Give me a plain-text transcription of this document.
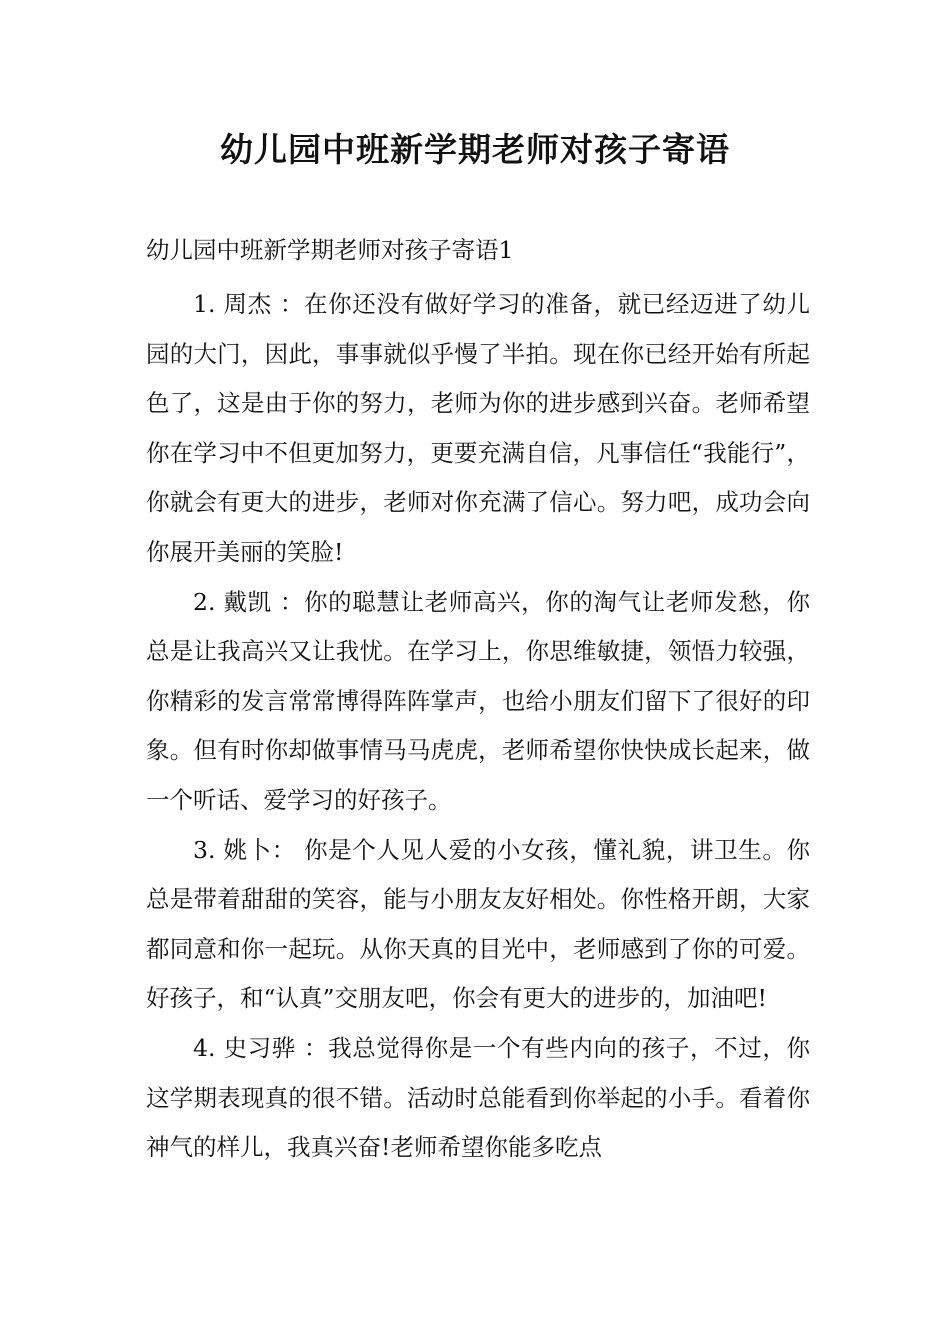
幼儿园中班新学期老师对孩子寄语

幼儿园中班新学期老师对孩子寄语1

1. 周杰 ：在你还没有做好学习的准备，就已经迈进了幼儿园的大门，因此，事事就似乎慢了半拍。现在你已经开始有所起色了，这是由于你的努力，老师为你的进步感到兴奋。老师希望你在学习中不但更加努力，更要充满自信，凡事信任“我能行”，你就会有更大的进步，老师对你充满了信心。努力吧，成功会向你展开美丽的笑脸!

2. 戴凯 ：你的聪慧让老师高兴，你的淘气让老师发愁，你总是让我高兴又让我忧。在学习上，你思维敏捷，领悟力较强，你精彩的发言常常博得阵阵掌声，也给小朋友们留下了很好的印象。但有时你却做事情马马虎虎，老师希望你快快成长起来，做一个听话、爱学习的好孩子。

3. 姚卜： 你是个人见人爱的小女孩，懂礼貌，讲卫生。你总是带着甜甜的笑容，能与小朋友友好相处。你性格开朗，大家都同意和你一起玩。从你天真的目光中，老师感到了你的可爱。好孩子，和“认真”交朋友吧，你会有更大的进步的，加油吧!

4. 史习骅 ：我总觉得你是一个有些内向的孩子，不过，你这学期表现真的很不错。活动时总能看到你举起的小手。看着你神气的样儿，我真兴奋!老师希望你能多吃点
